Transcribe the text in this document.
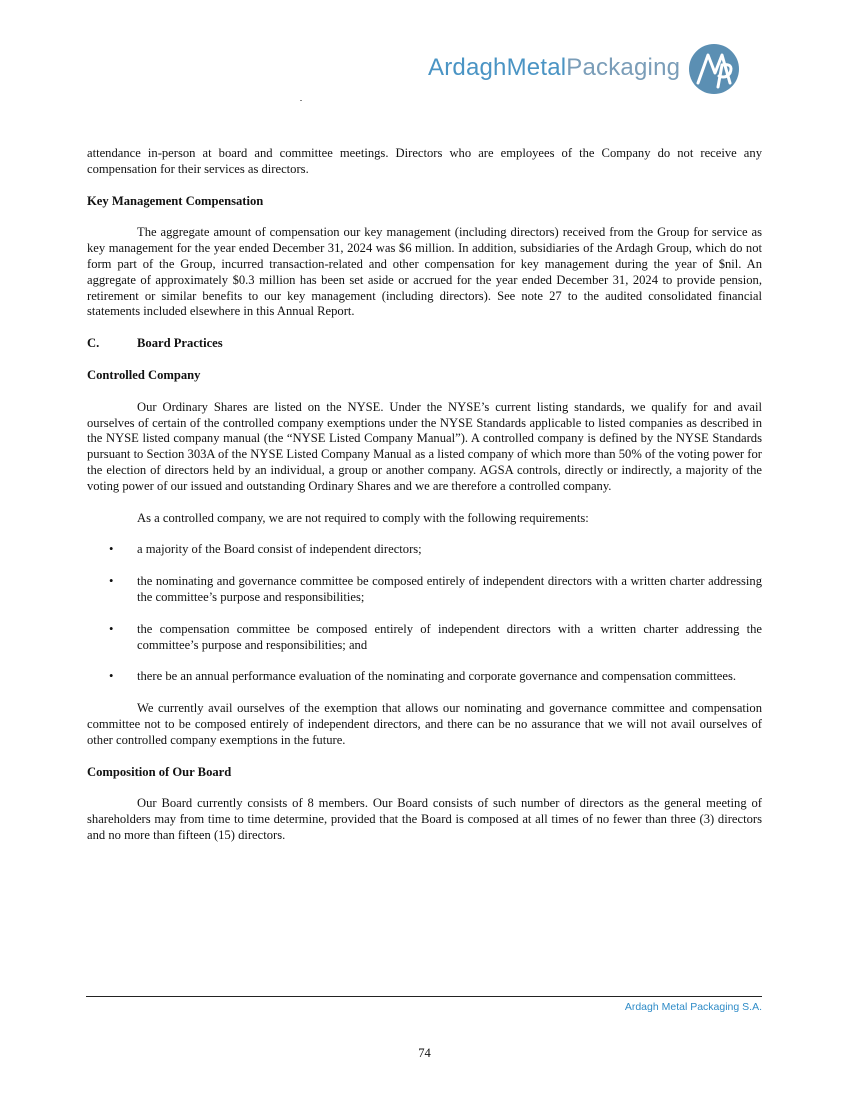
ArdaghMetalPackaging

attendance in-person at board and committee meetings. Directors who are employees of the Company do not receive any compensation for their services as directors.

Key Management Compensation

The aggregate amount of compensation our key management (including directors) received from the Group for service as key management for the year ended December 31, 2024 was $6 million. In addition, subsidiaries of the Ardagh Group, which do not form part of the Group, incurred transaction-related and other compensation for key management during the year of $nil. An aggregate of approximately $0.3 million has been set aside or accrued for the year ended December 31, 2024 to provide pension, retirement or similar benefits to our key management (including directors). See note 27 to the audited consolidated financial statements included elsewhere in this Annual Report.

C.	Board Practices
Controlled Company

Our Ordinary Shares are listed on the NYSE. Under the NYSE’s current listing standards, we qualify for and avail ourselves of certain of the controlled company exemptions under the NYSE Standards applicable to listed companies as described in the NYSE listed company manual (the “NYSE Listed Company Manual”). A controlled company is defined by the NYSE Standards pursuant to Section 303A of the NYSE Listed Company Manual as a listed company of which more than 50% of the voting power for the election of directors held by an individual, a group or another company. AGSA controls, directly or indirectly, a majority of the voting power of our issued and outstanding Ordinary Shares and we are therefore a controlled company.

As a controlled company, we are not required to comply with the following requirements:

• a majority of the Board consist of independent directors;
• the nominating and governance committee be composed entirely of independent directors with a written charter addressing the committee’s purpose and responsibilities;
• the compensation committee be composed entirely of independent directors with a written charter addressing the committee’s purpose and responsibilities; and
• there be an annual performance evaluation of the nominating and corporate governance and compensation committees.

We currently avail ourselves of the exemption that allows our nominating and governance committee and compensation committee not to be composed entirely of independent directors, and there can be no assurance that we will not avail ourselves of other controlled company exemptions in the future.

Composition of Our Board

Our Board currently consists of 8 members. Our Board consists of such number of directors as the general meeting of shareholders may from time to time determine, provided that the Board is composed at all times of no fewer than three (3) directors and no more than fifteen (15) directors.

Ardagh Metal Packaging S.A.
74
